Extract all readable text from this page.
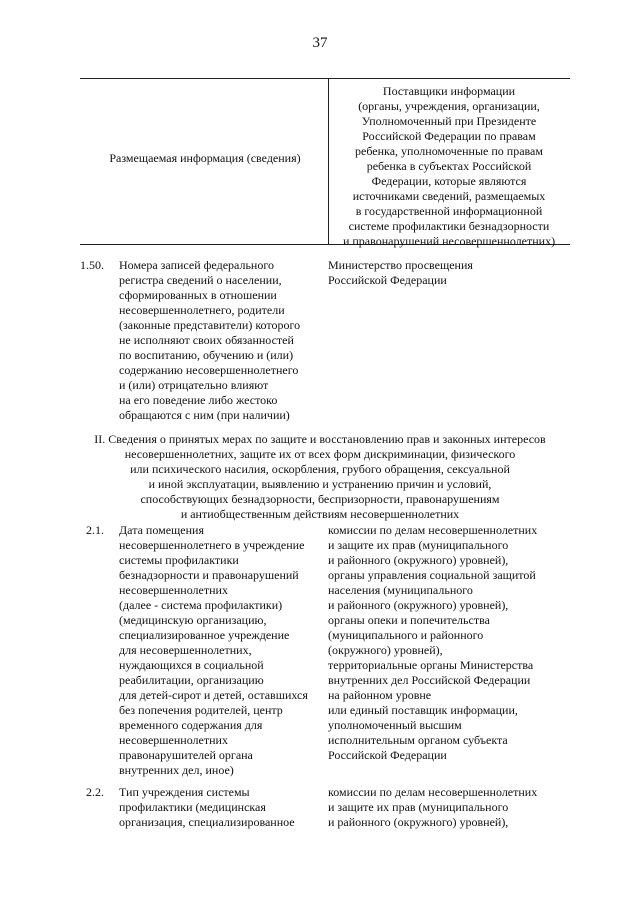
37
Размещаемая информация (сведения)
Поставщики информации
(органы, учреждения, организации,
Уполномоченный при Президенте
Российской Федерации по правам
ребенка, уполномоченные по правам
ребенка в субъектах Российской
Федерации, которые являются
источниками сведений, размещаемых
в государственной информационной
системе профилактики безнадзорности
и правонарушений несовершеннолетних)
1.50. Номера записей федерального
регистра сведений о населении,
сформированных в отношении
несовершеннолетнего, родители
(законные представители) которого
не исполняют своих обязанностей
по воспитанию, обучению и (или)
содержанию несовершеннолетнего
и (или) отрицательно влияют
на его поведение либо жестоко
обращаются с ним (при наличии)
Министерство просвещения
Российской Федерации
II. Сведения о принятых мерах по защите и восстановлению прав и законных интересов
несовершеннолетних, защите их от всех форм дискриминации, физического
или психического насилия, оскорбления, грубого обращения, сексуальной
и иной эксплуатации, выявлению и устранению причин и условий,
способствующих безнадзорности, беспризорности, правонарушениям
и антиобщественным действиям несовершеннолетних
2.1. Дата помещения
несовершеннолетнего в учреждение
системы профилактики
безнадзорности и правонарушений
несовершеннолетних
(далее - система профилактики)
(медицинскую организацию,
специализированное учреждение
для несовершеннолетних,
нуждающихся в социальной
реабилитации, организацию
для детей-сирот и детей, оставшихся
без попечения родителей, центр
временного содержания для
несовершеннолетних
правонарушителей органа
внутренних дел, иное)
комиссии по делам несовершеннолетних
и защите их прав (муниципального
и районного (окружного) уровней),
органы управления социальной защитой
населения (муниципального
и районного (окружного) уровней),
органы опеки и попечительства
(муниципального и районного
(окружного) уровней),
территориальные органы Министерства
внутренних дел Российской Федерации
на районном уровне
или единый поставщик информации,
уполномоченный высшим
исполнительным органом субъекта
Российской Федерации
2.2. Тип учреждения системы
профилактики (медицинская
организация, специализированное
комиссии по делам несовершеннолетних
и защите их прав (муниципального
и районного (окружного) уровней),
